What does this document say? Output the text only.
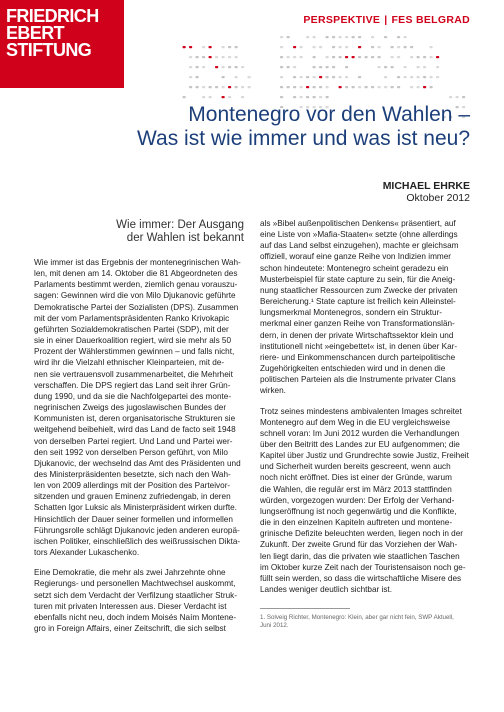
FRIEDRICH
EBERT
STIFTUNG
PERSPEKTIVE | FES BELGRAD
Montenegro vor den Wahlen –
Was ist wie immer und was ist neu?
MICHAEL EHRKE
Oktober 2012
Wie immer: Der Ausgang
der Wahlen ist bekannt
Wie immer ist das Ergebnis der montenegrinischen Wah-
len, mit denen am 14. Oktober die 81 Abgeordneten des
Parlaments bestimmt werden, ziemlich genau vorauszu-
sagen: Gewinnen wird die von Milo Djukanovic geführte
Demokratische Partei der Sozialisten (DPS). Zusammen
mit der vom Parlamentspräsidenten Ranko Krivokapic
geführten Sozialdemokratischen Partei (SDP), mit der
sie in einer Dauerkoalition regiert, wird sie mehr als 50
Prozent der Wählerstimmen gewinnen – und falls nicht,
wird ihr die Vielzahl ethnischer Kleinparteien, mit de-
nen sie vertrauensvoll zusammenarbeitet, die Mehrheit
verschaffen. Die DPS regiert das Land seit ihrer Grün-
dung 1990, und da sie die Nachfolgepartei des monte-
negrinischen Zweigs des jugoslawischen Bundes der
Kommunisten ist, deren organisatorische Strukturen sie
weitgehend beibehielt, wird das Land de facto seit 1948
von derselben Partei regiert. Und Land und Partei wer-
den seit 1992 von derselben Person geführt, von Milo
Djukanovic, der wechselnd das Amt des Präsidenten und
des Ministerpräsidenten besetzte, sich nach den Wah-
len von 2009 allerdings mit der Position des Parteivor-
sitzenden und grauen Eminenz zufriedengab, in deren
Schatten Igor Luksic als Ministerpräsident wirken durfte.
Hinsichtlich der Dauer seiner formellen und informellen
Führungsrolle schlägt Djukanovic jeden anderen europä-
ischen Politiker, einschließlich des weißrussischen Dikta-
tors Alexander Lukaschenko.
Eine Demokratie, die mehr als zwei Jahrzehnte ohne
Regierungs- und personellen Machtwechsel auskommt,
setzt sich dem Verdacht der Verfilzung staatlicher Struk-
turen mit privaten Interessen aus. Dieser Verdacht ist
ebenfalls nicht neu, doch indem Moisés Naím Montene-
gro in Foreign Affairs, einer Zeitschrift, die sich selbst
als »Bibel außenpolitischen Denkens« präsentiert, auf
eine Liste von »Mafia-Staaten« setzte (ohne allerdings
auf das Land selbst einzugehen), machte er gleichsam
offiziell, worauf eine ganze Reihe von Indizien immer
schon hindeutete: Montenegro scheint geradezu ein
Musterbeispiel für state capture zu sein, für die Aneig-
nung staatlicher Ressourcen zum Zwecke der privaten
Bereicherung.¹ State capture ist freilich kein Alleinstel-
lungsmerkmal Montenegros, sondern ein Struktur-
merkmal einer ganzen Reihe von Transformationslän-
dern, in denen der private Wirtschaftssektor klein und
institutionell nicht »eingebettet« ist, in denen über Kar-
riere- und Einkommenschancen durch parteipolitische
Zugehörigkeiten entschieden wird und in denen die
politischen Parteien als die Instrumente privater Clans
wirken.
Trotz seines mindestens ambivalenten Images schreitet
Montenegro auf dem Weg in die EU vergleichsweise
schnell voran: Im Juni 2012 wurden die Verhandlungen
über den Beitritt des Landes zur EU aufgenommen; die
Kapitel über Justiz und Grundrechte sowie Justiz, Freiheit
und Sicherheit wurden bereits gescreent, wenn auch
noch nicht eröffnet. Dies ist einer der Gründe, warum
die Wahlen, die regulär erst im März 2013 stattfinden
würden, vorgezogen wurden: Der Erfolg der Verhand-
lungseröffnung ist noch gegenwärtig und die Konflikte,
die in den einzelnen Kapiteln auftreten und montene-
grinische Defizite beleuchten werden, liegen noch in der
Zukunft. Der zweite Grund für das Vorziehen der Wah-
len liegt darin, das die privaten wie staatlichen Taschen
im Oktober kurze Zeit nach der Touristensaison noch ge-
füllt sein werden, so dass die wirtschaftliche Misere des
Landes weniger deutlich sichtbar ist.
1. Solveig Richter, Montenegro: Klein, aber gar nicht fein, SWP Aktuell,
Juni 2012.
